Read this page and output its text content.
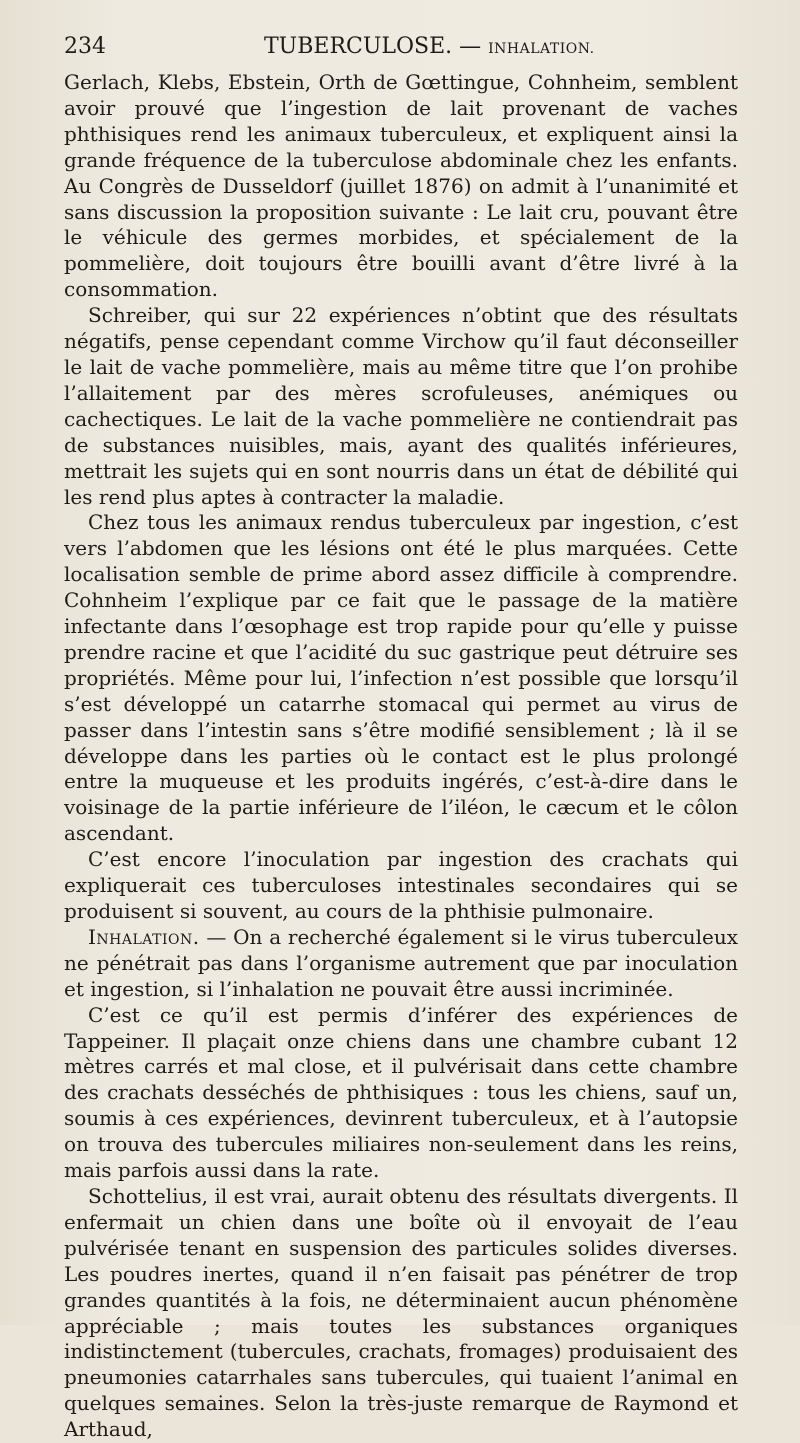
234	TUBERCULOSE. — INHALATION.

Gerlach, Klebs, Ebstein, Orth de Gœttingue, Cohnheim, semblent avoir prouvé que l’ingestion de lait provenant de vaches phthisiques rend les animaux tuberculeux, et expliquent ainsi la grande fréquence de la tuberculose abdominale chez les enfants. Au Congrès de Dusseldorf (juillet 1876) on admit à l’unanimité et sans discussion la proposition suivante : Le lait cru, pouvant être le véhicule des germes morbides, et spécialement de la pommelière, doit toujours être bouilli avant d’être livré à la consommation.

Schreiber, qui sur 22 expériences n’obtint que des résultats négatifs, pense cependant comme Virchow qu’il faut déconseiller le lait de vache pommelière, mais au même titre que l’on prohibe l’allaitement par des mères scrofuleuses, anémiques ou cachectiques. Le lait de la vache pommelière ne contiendrait pas de substances nuisibles, mais, ayant des qualités inférieures, mettrait les sujets qui en sont nourris dans un état de débilité qui les rend plus aptes à contracter la maladie.

Chez tous les animaux rendus tuberculeux par ingestion, c’est vers l’abdomen que les lésions ont été le plus marquées. Cette localisation semble de prime abord assez difficile à comprendre. Cohnheim l’explique par ce fait que le passage de la matière infectante dans l’œsophage est trop rapide pour qu’elle y puisse prendre racine et que l’acidité du suc gastrique peut détruire ses propriétés. Même pour lui, l’infection n’est possible que lorsqu’il s’est développé un catarrhe stomacal qui permet au virus de passer dans l’intestin sans s’être modifié sensiblement ; là il se développe dans les parties où le contact est le plus prolongé entre la muqueuse et les produits ingérés, c’est-à-dire dans le voisinage de la partie inférieure de l’iléon, le cæcum et le côlon ascendant.

C’est encore l’inoculation par ingestion des crachats qui expliquerait ces tuberculoses intestinales secondaires qui se produisent si souvent, au cours de la phthisie pulmonaire.

Inhalation. — On a recherché également si le virus tuberculeux ne pénétrait pas dans l’organisme autrement que par inoculation et ingestion, si l’inhalation ne pouvait être aussi incriminée.

C’est ce qu’il est permis d’inférer des expériences de Tappeiner. Il plaçait onze chiens dans une chambre cubant 12 mètres carrés et mal close, et il pulvérisait dans cette chambre des crachats desséchés de phthisiques : tous les chiens, sauf un, soumis à ces expériences, devinrent tuberculeux, et à l’autopsie on trouva des tubercules miliaires non-seulement dans les reins, mais parfois aussi dans la rate.

Schottelius, il est vrai, aurait obtenu des résultats divergents. Il enfermait un chien dans une boîte où il envoyait de l’eau pulvérisée tenant en suspension des particules solides diverses. Les poudres inertes, quand il n’en faisait pas pénétrer de trop grandes quantités à la fois, ne déterminaient aucun phénomène appréciable ; mais toutes les substances organiques indistinctement (tubercules, crachats, fromages) produisaient des pneumonies catarrhales sans tubercules, qui tuaient l’animal en quelques semaines. Selon la très-juste remarque de Raymond et Arthaud,
